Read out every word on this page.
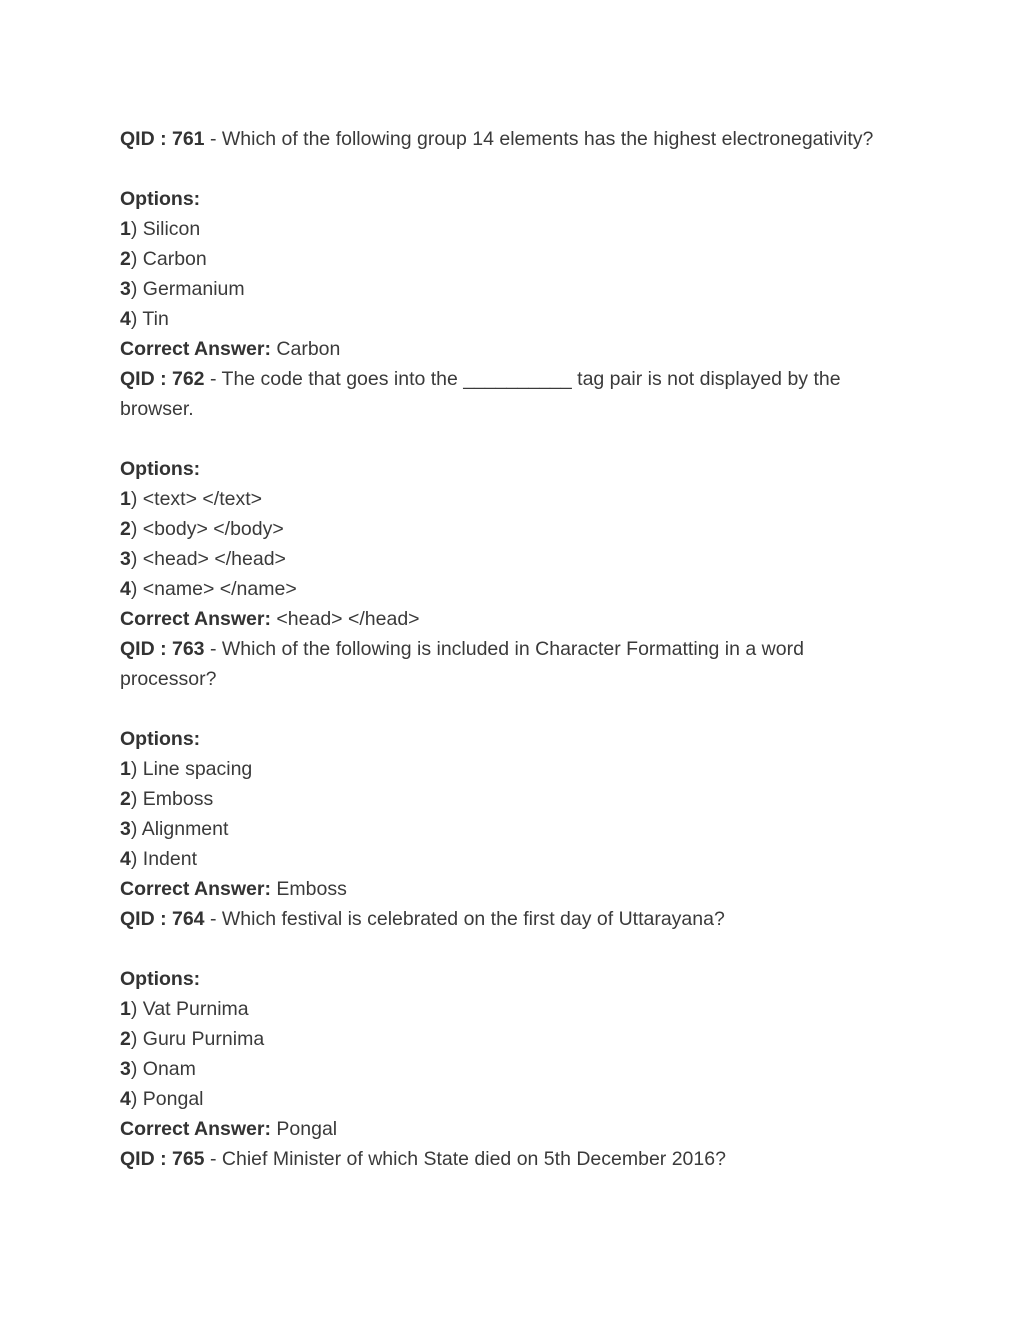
QID : 761 - Which of the following group 14 elements has the highest electronegativity?

Options:

1) Silicon

2) Carbon

3) Germanium

4) Tin

Correct Answer: Carbon

QID : 762 - The code that goes into the __________ tag pair is not displayed by the browser.

Options:

1) <text> </text>

2) <body> </body>

3) <head> </head>

4) <name> </name>

Correct Answer: <head> </head>

QID : 763 - Which of the following is included in Character Formatting in a word processor?

Options:

1) Line spacing

2) Emboss

3) Alignment

4) Indent

Correct Answer: Emboss

QID : 764 - Which festival is celebrated on the first day of Uttarayana?

Options:

1) Vat Purnima

2) Guru Purnima

3) Onam

4) Pongal

Correct Answer: Pongal

QID : 765 - Chief Minister of which State died on 5th December 2016?
